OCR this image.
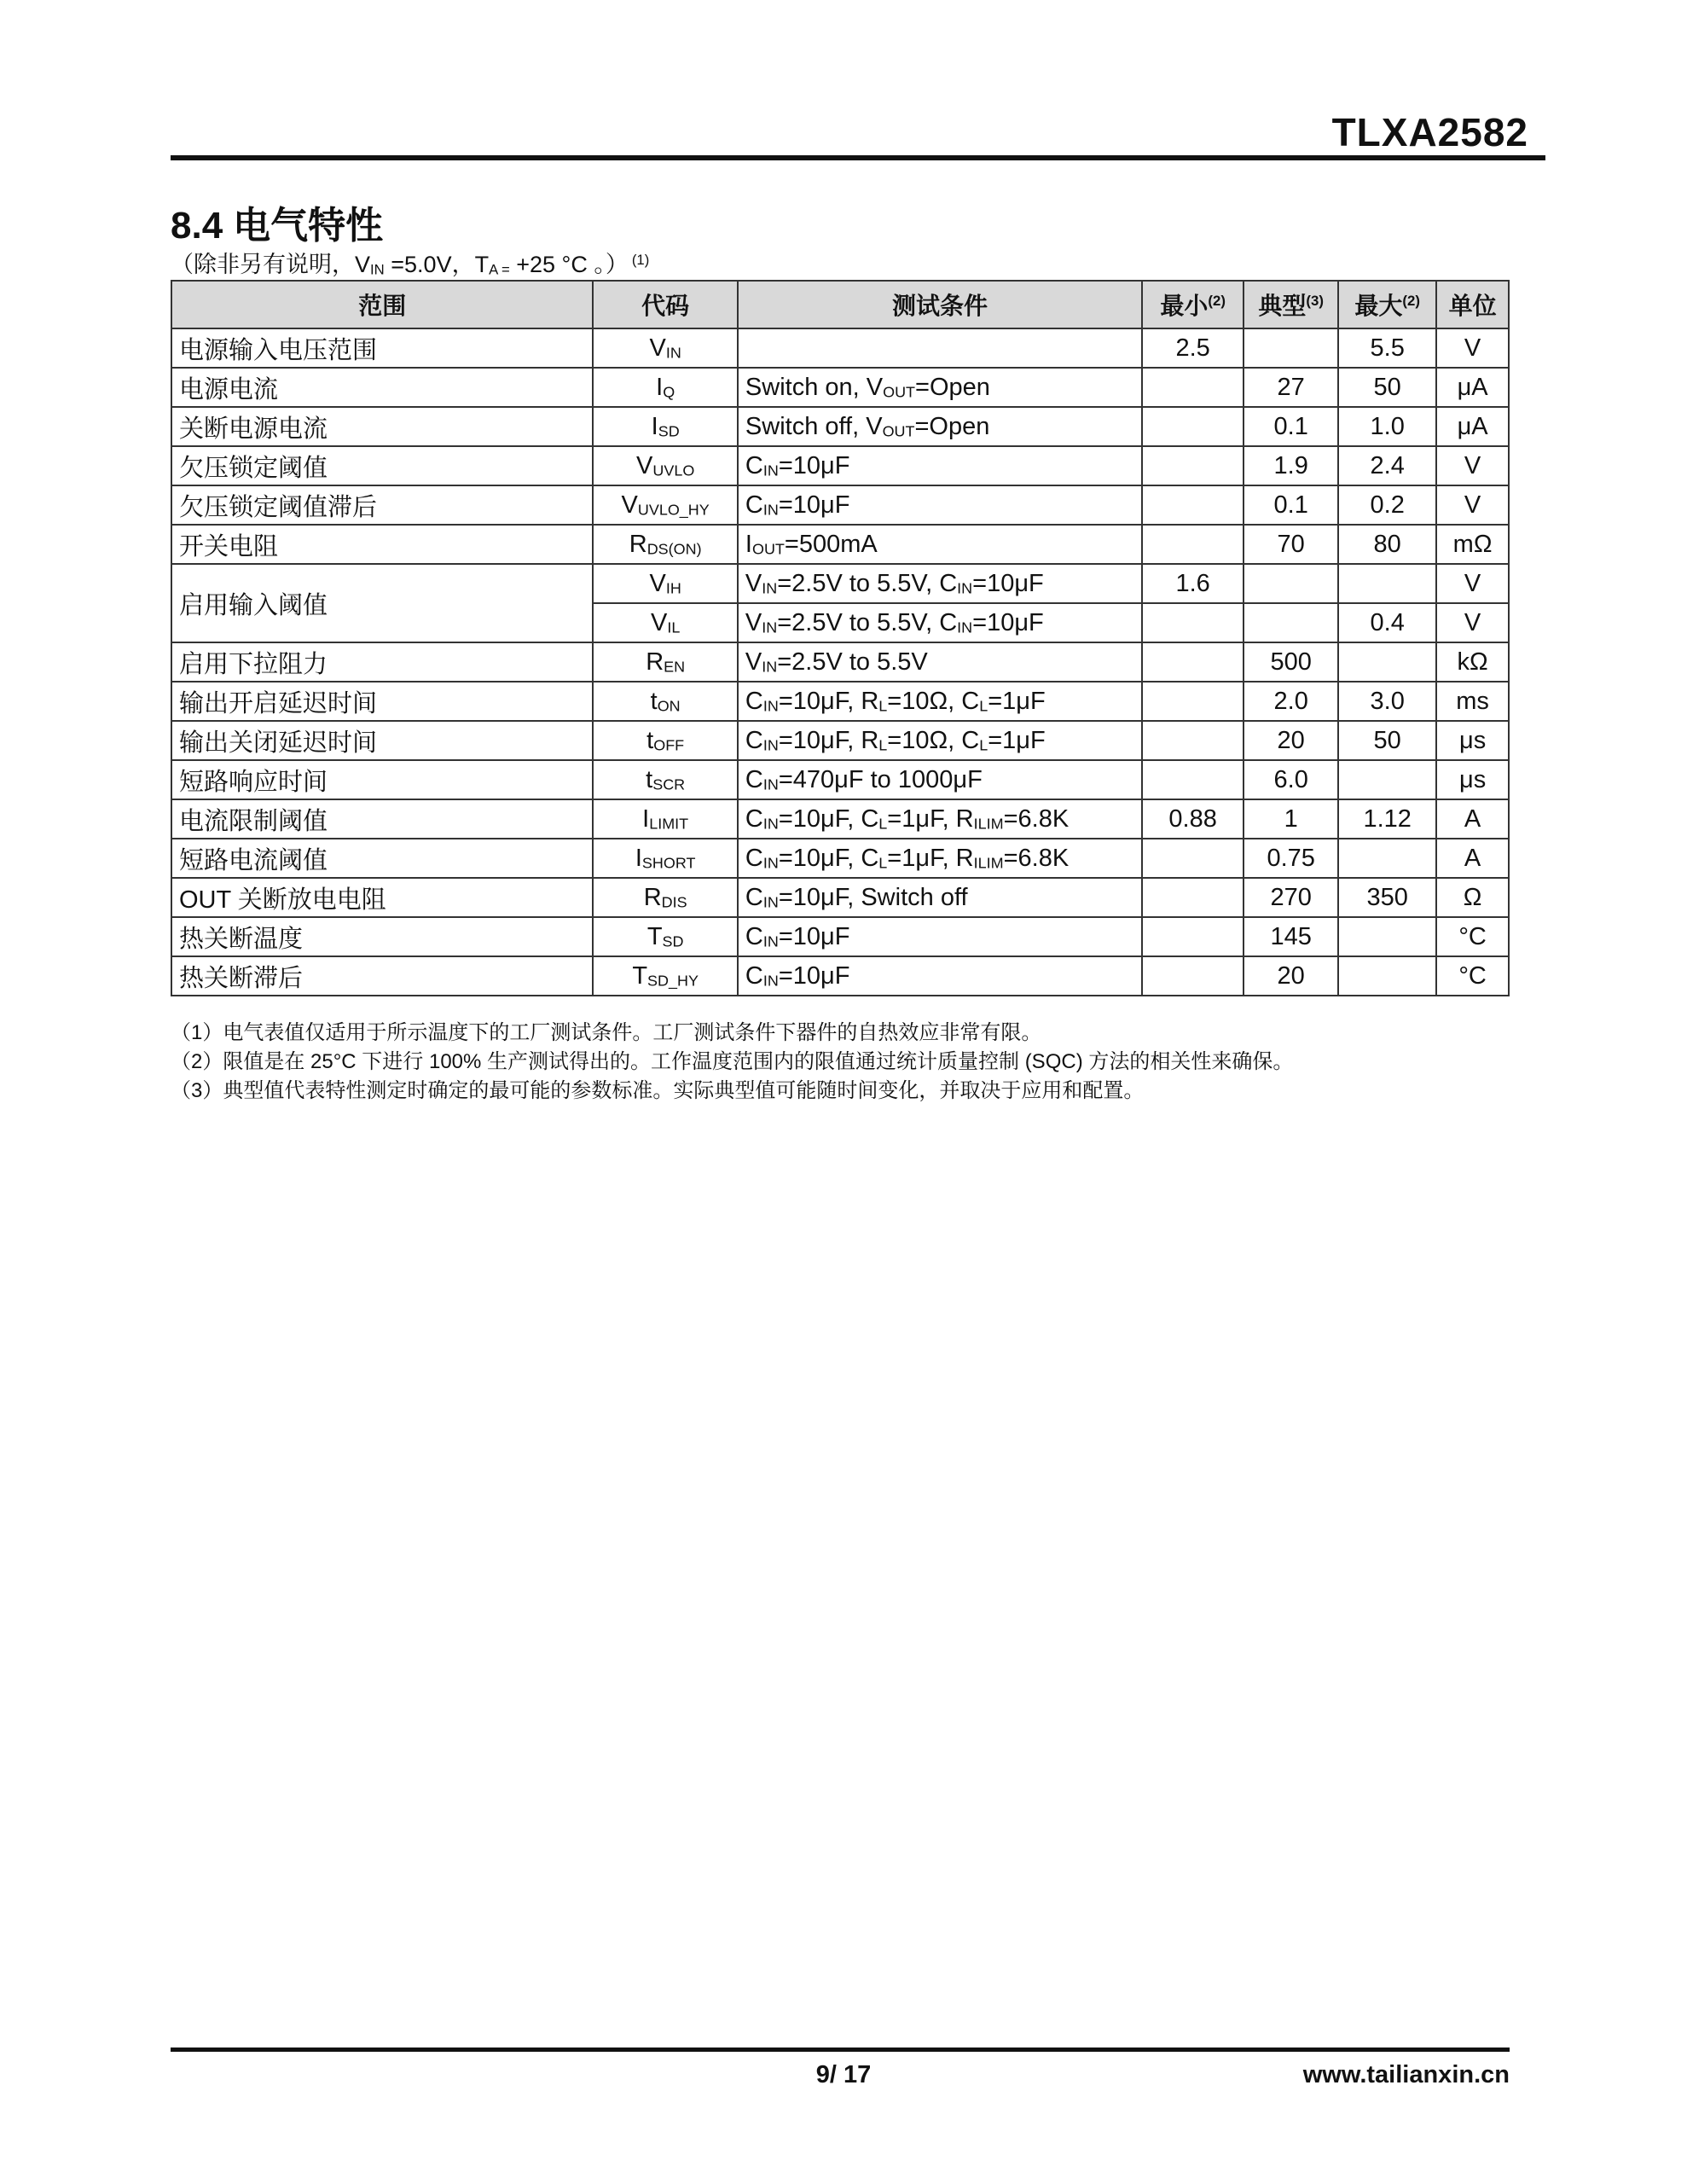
TLXA2582
8.4 电气特性
（除非另有说明，$V_{IN} =5.0V$，$T_{A =} +25$ °C 。） $^{(1)}$
范围	代码	测试条件	最小$^{(2)}$	典型$^{(3)}$	最大$^{(2)}$	单位
电源输入电压范围	$V_{IN}$		2.5		5.5	V
电源电流	$I_Q$	Switch on, $V_{OUT}=Open$		27	50	μA
关断电源电流	$I_{SD}$	Switch off, $V_{OUT}=Open$		0.1	1.0	μA
欠压锁定阈值	$V_{UVLO}$	$C_{IN}=10\mu F$		1.9	2.4	V
欠压锁定阈值滞后	$V_{UVLO\_HY}$	$C_{IN}=10\mu F$		0.1	0.2	V
开关电阻	$R_{DS(ON)}$	$I_{OUT}=500mA$		70	80	mΩ
启用输入阈值	$V_{IH}$	$V_{IN}=2.5V$ to 5.5V, $C_{IN}=10\mu F$	1.6			V
	$V_{IL}$	$V_{IN}=2.5V$ to 5.5V, $C_{IN}=10\mu F$			0.4	V
启用下拉阻力	$R_{EN}$	$V_{IN}=2.5V$ to 5.5V		500		kΩ
输出开启延迟时间	$t_{ON}$	$C_{IN}=10\mu F$, $R_L=10\Omega$, $C_L=1\mu F$		2.0	3.0	ms
输出关闭延迟时间	$t_{OFF}$	$C_{IN}=10\mu F$, $R_L=10\Omega$, $C_L=1\mu F$		20	50	μs
短路响应时间	$t_{SCR}$	$C_{IN}=470\mu F$ to 1000μF		6.0		μs
电流限制阈值	$I_{LIMIT}$	$C_{IN}=10\mu F$, $C_L=1\mu F$, $R_{ILIM}=6.8K$	0.88	1	1.12	A
短路电流阈值	$I_{SHORT}$	$C_{IN}=10\mu F$, $C_L=1\mu F$, $R_{ILIM}=6.8K$		0.75		A
OUT 关断放电电阻	$R_{DIS}$	$C_{IN}=10\mu F$, Switch off		270	350	Ω
热关断温度	$T_{SD}$	$C_{IN}=10\mu F$		145		°C
热关断滞后	$T_{SD\_HY}$	$C_{IN}=10\mu F$		20		°C
（1）电气表值仅适用于所示温度下的工厂测试条件。工厂测试条件下器件的自热效应非常有限。
（2）限值是在 25°C 下进行 100% 生产测试得出的。工作温度范围内的限值通过统计质量控制 (SQC) 方法的相关性来确保。
（3）典型值代表特性测定时确定的最可能的参数标准。实际典型值可能随时间变化，并取决于应用和配置。
9/ 17	www.tailianxin.cn
